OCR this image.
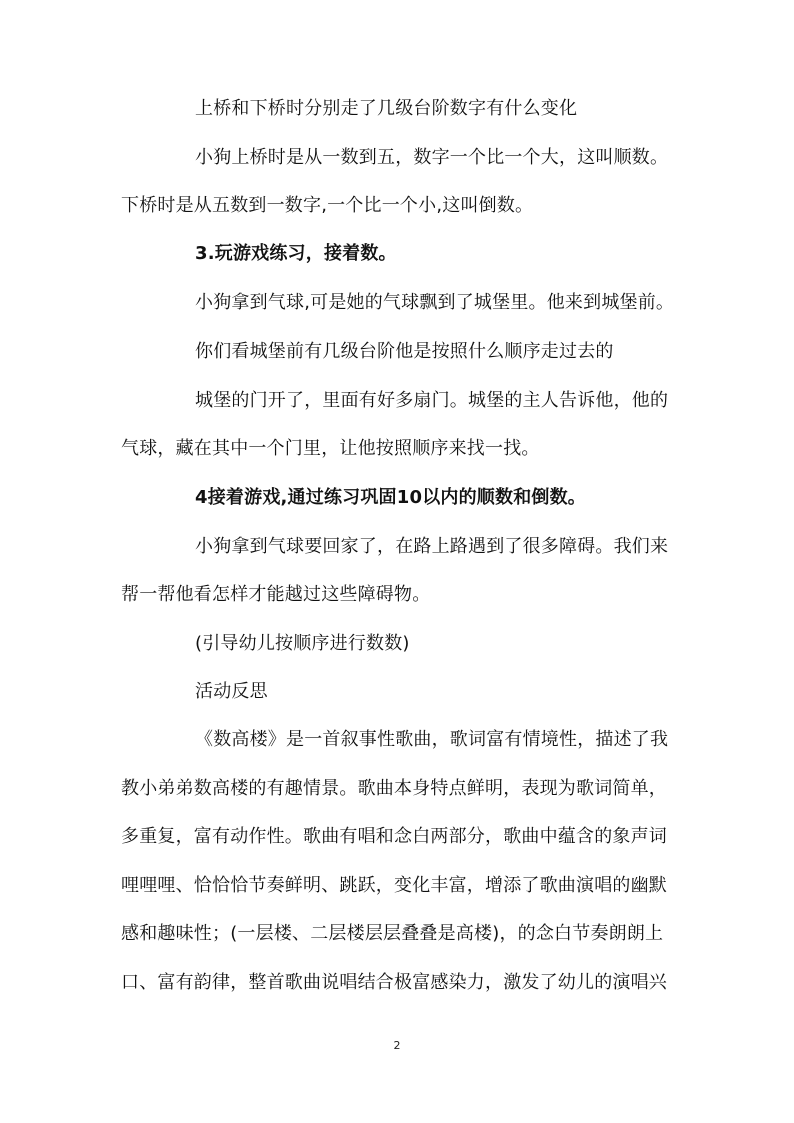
上桥和下桥时分别走了几级台阶数字有什么变化
小狗上桥时是从一数到五，数字一个比一个大，这叫顺数。
下桥时是从五数到一数字,一个比一个小,这叫倒数。
3.玩游戏练习，接着数。
小狗拿到气球,可是她的气球飘到了城堡里。他来到城堡前。
你们看城堡前有几级台阶他是按照什么顺序走过去的
城堡的门开了，里面有好多扇门。城堡的主人告诉他，他的
气球，藏在其中一个门里，让他按照顺序来找一找。
4接着游戏,通过练习巩固10以内的顺数和倒数。
小狗拿到气球要回家了，在路上路遇到了很多障碍。我们来
帮一帮他看怎样才能越过这些障碍物。
(引导幼儿按顺序进行数数)
活动反思
《数高楼》是一首叙事性歌曲，歌词富有情境性，描述了我
教小弟弟数高楼的有趣情景。歌曲本身特点鲜明，表现为歌词简单，
多重复，富有动作性。歌曲有唱和念白两部分，歌曲中蕴含的象声词
哩哩哩、恰恰恰节奏鲜明、跳跃，变化丰富，增添了歌曲演唱的幽默
感和趣味性；(一层楼、二层楼层层叠叠是高楼)，的念白节奏朗朗上
口、富有韵律，整首歌曲说唱结合极富感染力，激发了幼儿的演唱兴
2
